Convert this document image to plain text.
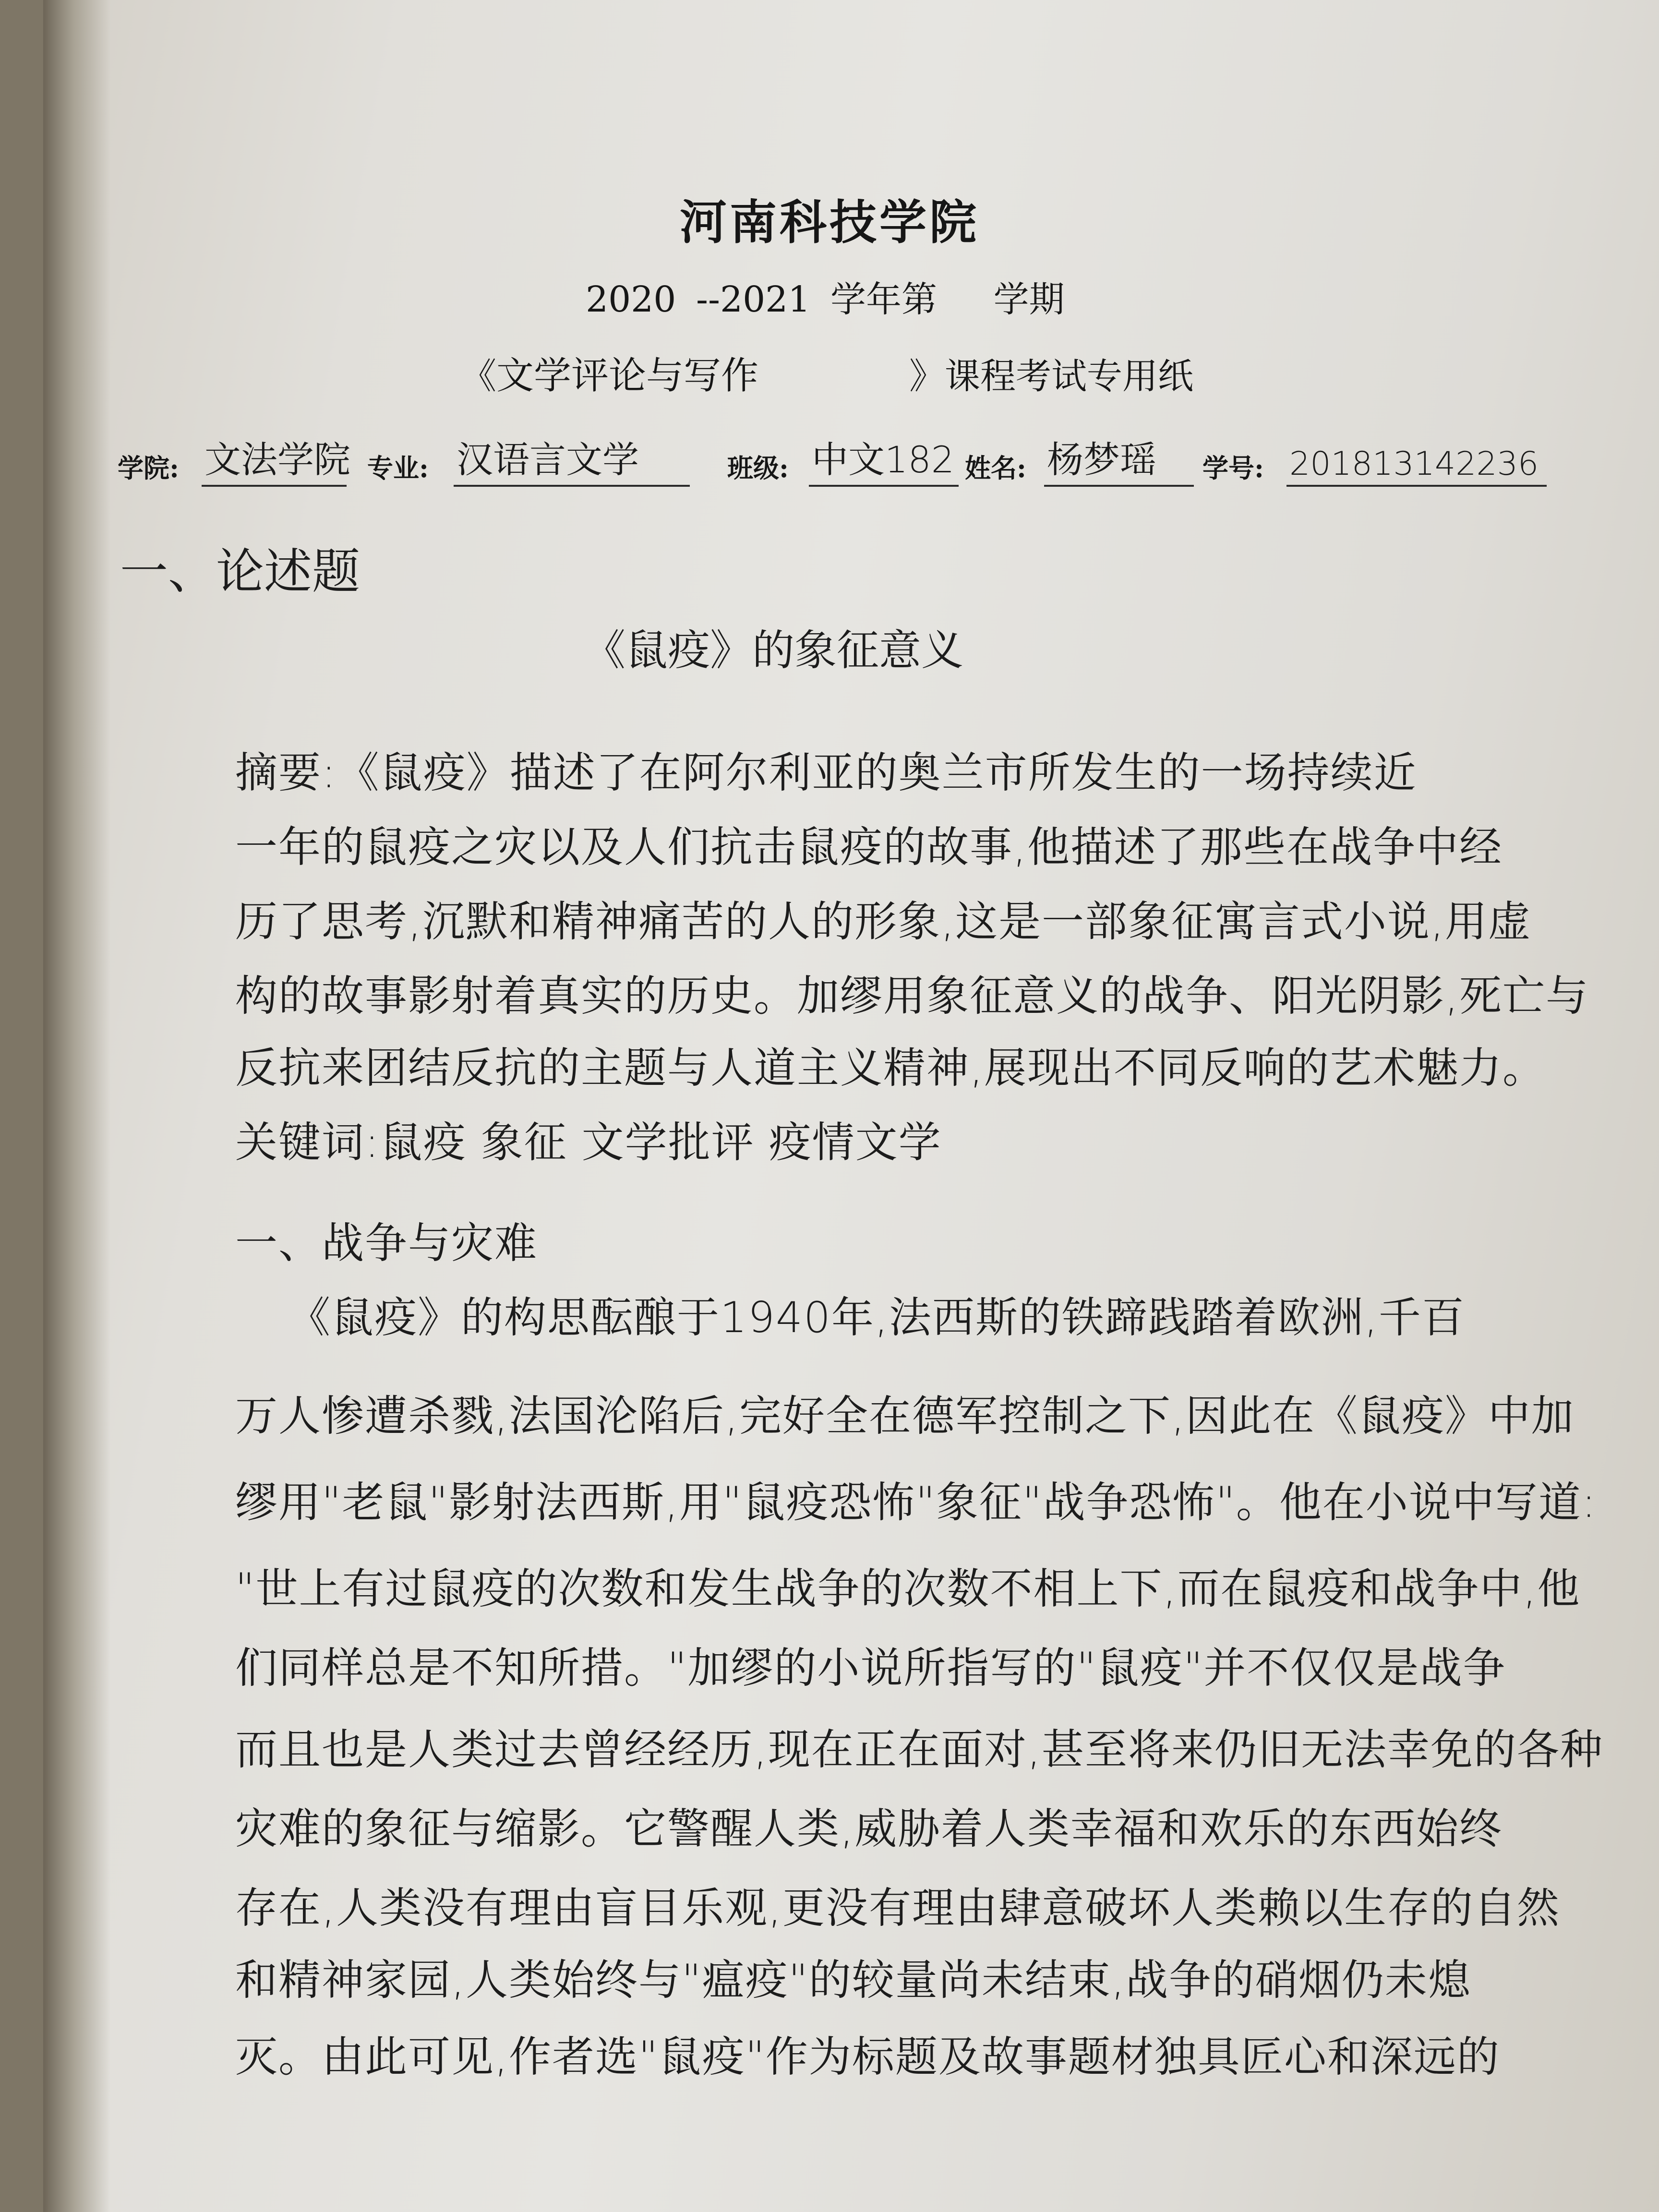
河南科技学院
2020 --2021 学年第 学期
《文学评论与写作	》课程考试专用纸
学院: 文法学院 专业: 汉语言文学	班级: 中文182 姓名: 杨梦瑶	学号: 201813142236
一、论述题
《鼠疫》的象征意义
摘要:《鼠疫》描述了在阿尔利亚的奥兰市所发生的一场持续近
一年的鼠疫之灾以及人们抗击鼠疫的故事,他描述了那些在战争中经
历了思考,沉默和精神痛苦的人的形象,这是一部象征寓言式小说,用虚
构的故事影射着真实的历史。加缪用象征意义的战争、阳光阴影,死亡与
反抗来团结反抗的主题与人道主义精神,展现出不同反响的艺术魅力。
关键词:鼠疫 象征 文学批评 疫情文学
一、战争与灾难
《鼠疫》的构思酝酿于1940年,法西斯的铁蹄践踏着欧洲,千百
万人惨遭杀戮,法国沦陷后,完好全在德军控制之下,因此在《鼠疫》中加
缪用"老鼠"影射法西斯,用"鼠疫恐怖"象征"战争恐怖"。他在小说中写道:
"世上有过鼠疫的次数和发生战争的次数不相上下,而在鼠疫和战争中,他
们同样总是不知所措。"加缪的小说所指写的"鼠疫"并不仅仅是战争
而且也是人类过去曾经经历,现在正在面对,甚至将来仍旧无法幸免的各种
灾难的象征与缩影。它警醒人类,威胁着人类幸福和欢乐的东西始终
存在,人类没有理由盲目乐观,更没有理由肆意破坏人类赖以生存的自然
和精神家园,人类始终与"瘟疫"的较量尚未结束,战争的硝烟仍未熄
灭。由此可见,作者选"鼠疫"作为标题及故事题材独具匠心和深远的
